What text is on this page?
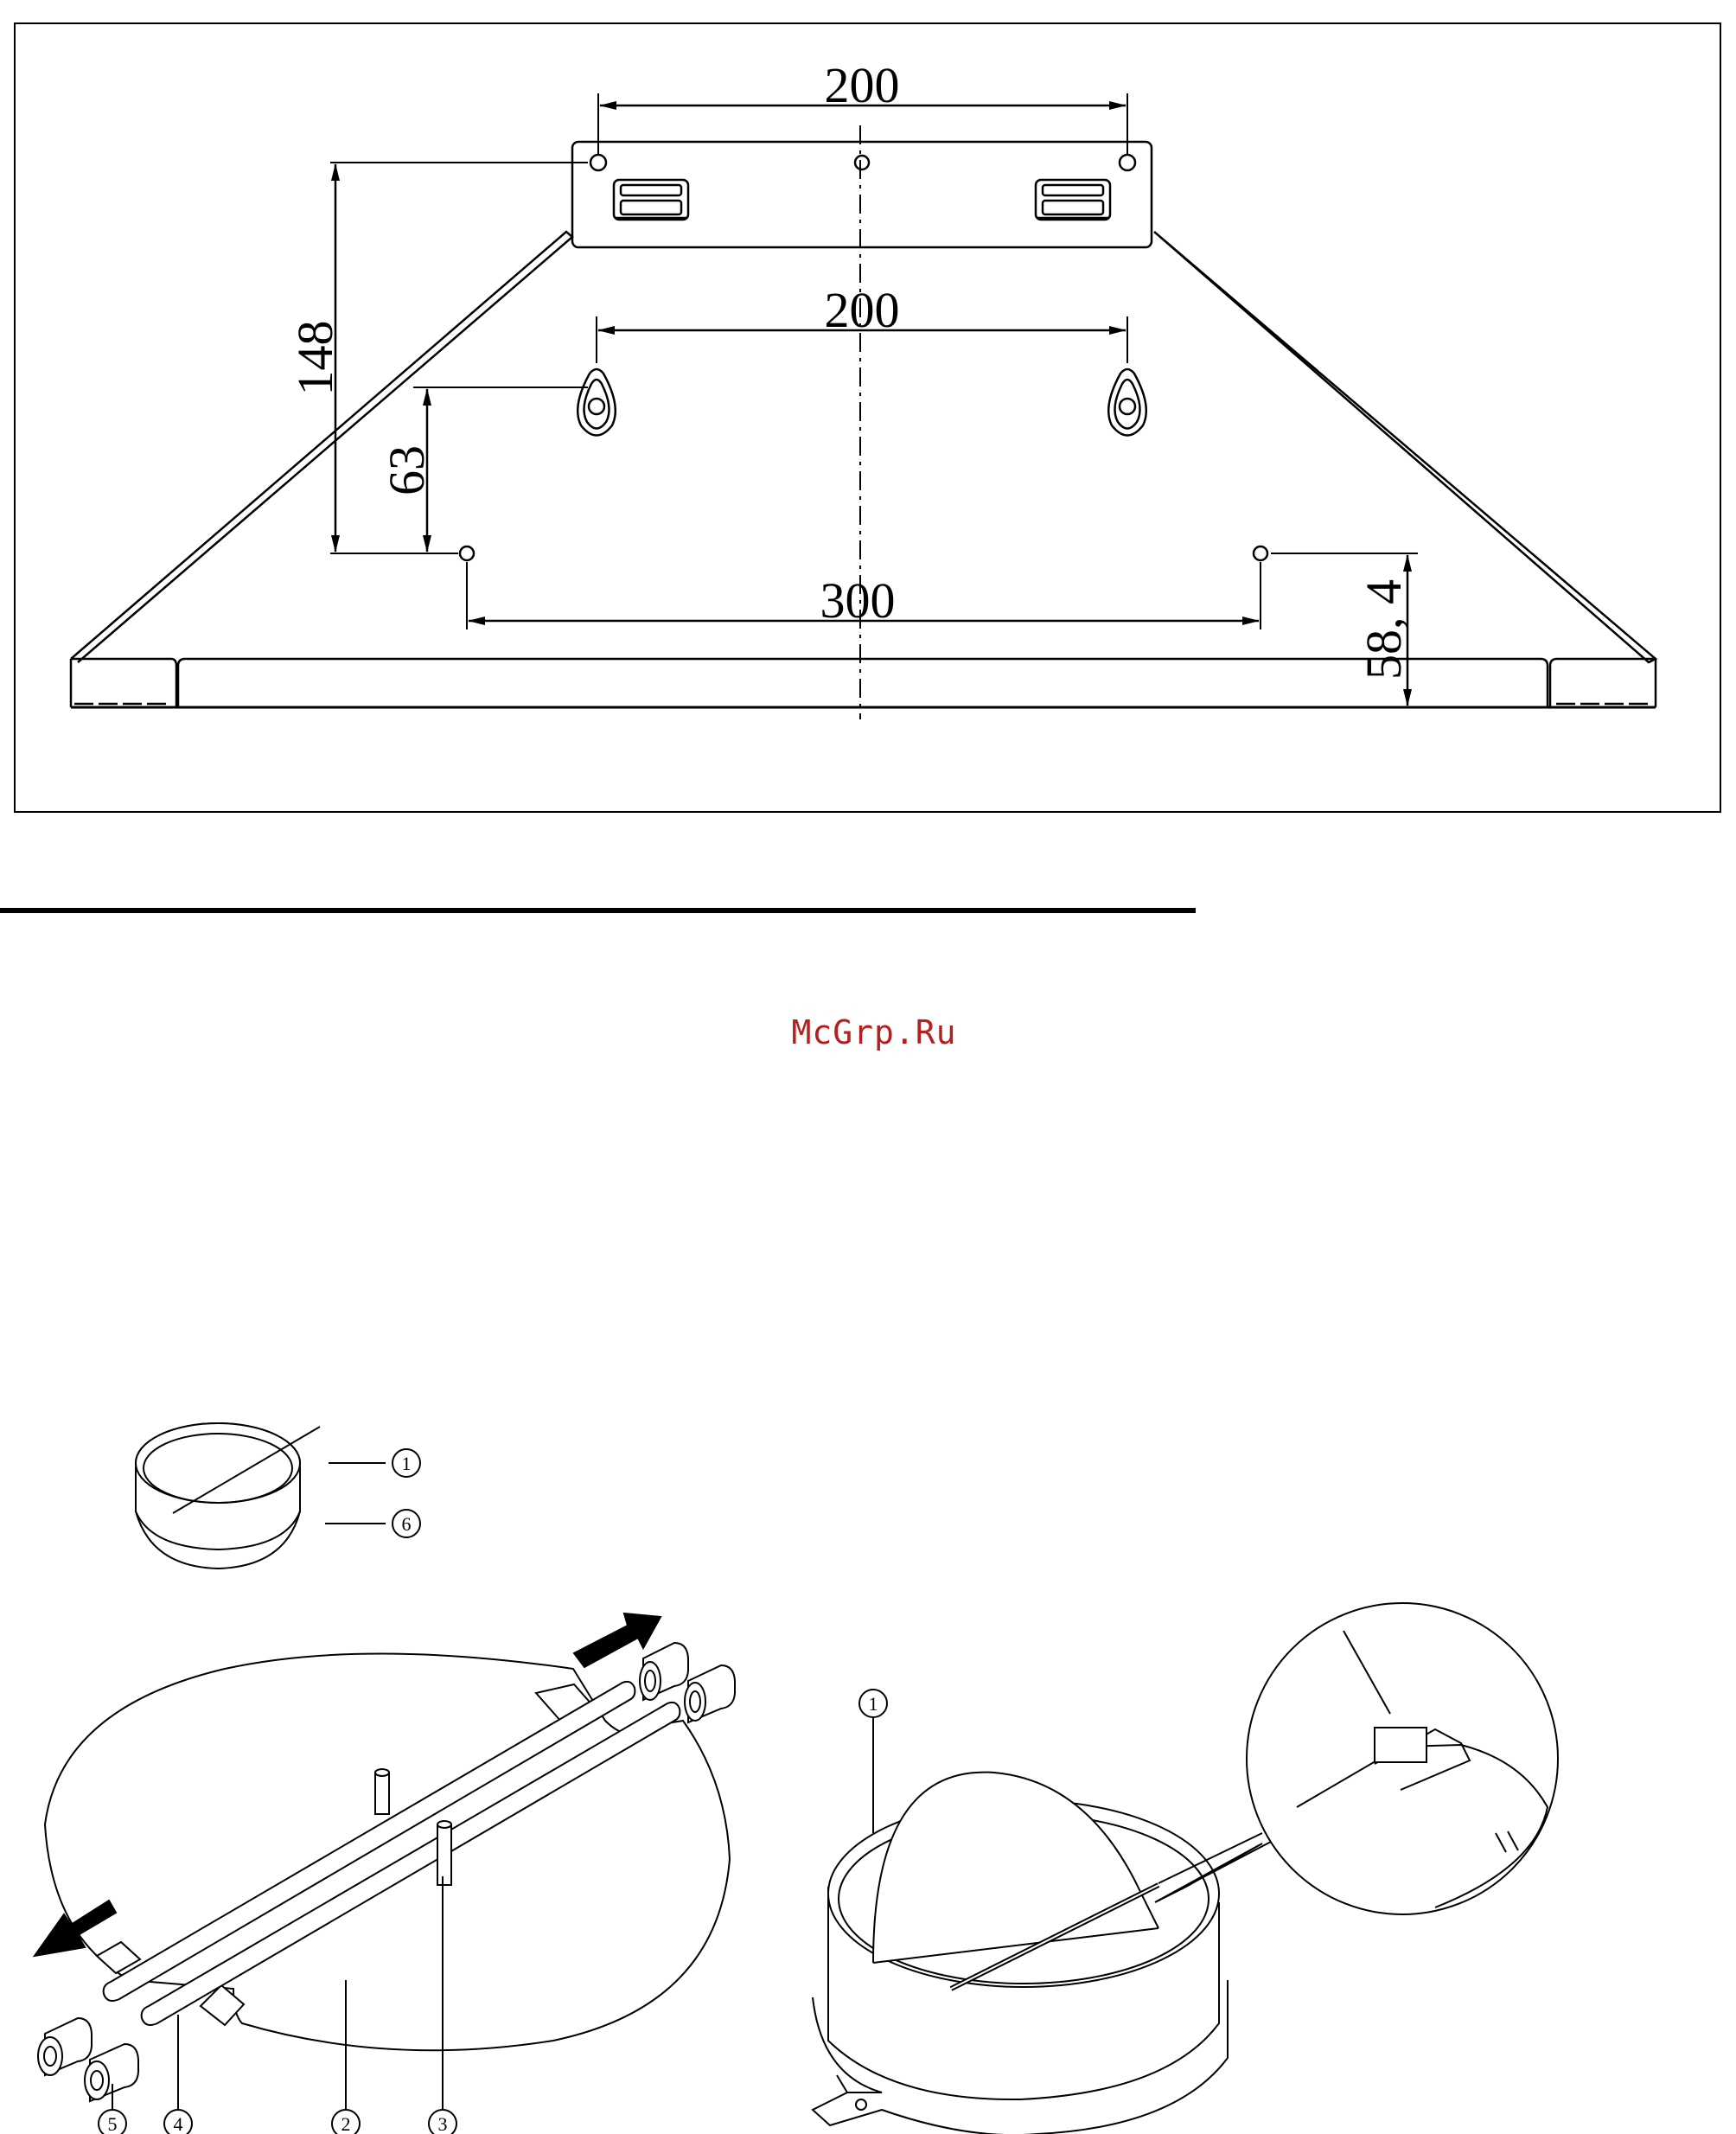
200
200
300
148
63
58, 4
1
6
5	4	2	3
1
McGrp.Ru
